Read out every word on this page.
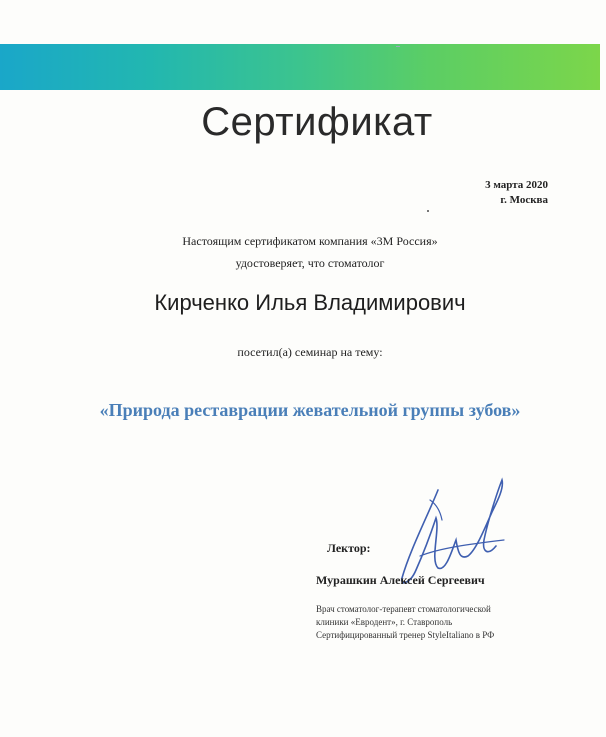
Сертификат
3 марта 2020
г. Москва
Настоящим сертификатом компания «3М Россия»
удостоверяет, что стоматолог
Кирченко Илья Владимирович
посетил(а) семинар на тему:
«Природа реставрации жевательной группы зубов»
Лектор:
Мурашкин Алексей Сергеевич
Врач стоматолог-терапевт стоматологической
клиники «Евродент», г. Ставрополь
Сертифицированный тренер StyleItaliano в РФ
